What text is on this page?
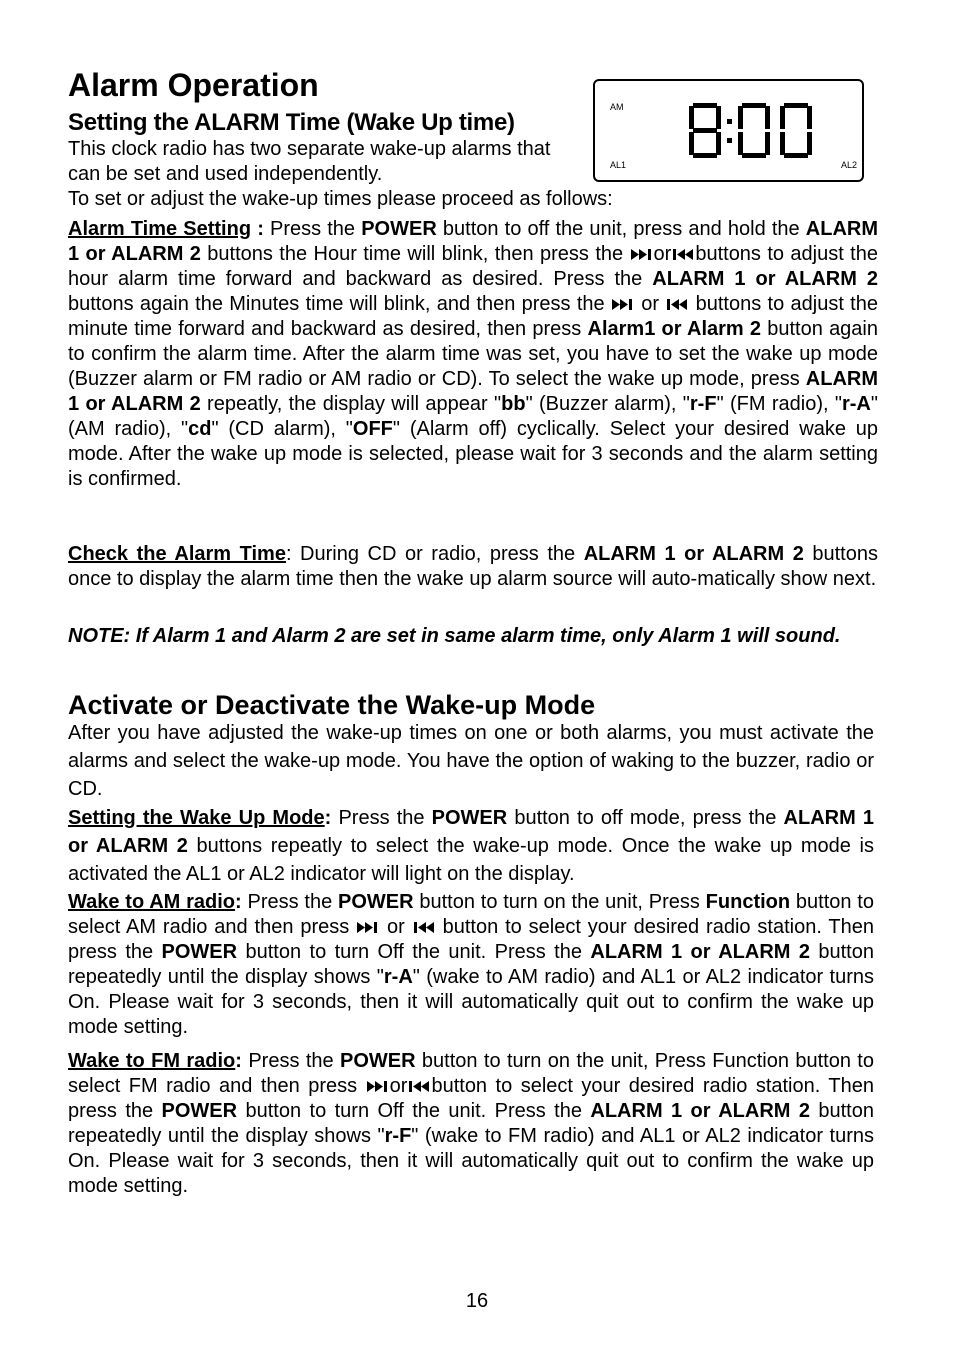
Alarm Operation
Setting the ALARM Time (Wake Up time)

This clock radio has two separate wake-up alarms that can be set and used independently.

To set or adjust the wake-up times please proceed as follows:

AM
AL1	AL2

Alarm Time Setting : Press the POWER button to off the unit, press and hold the ALARM 1 or ALARM 2 buttons the Hour time will blink, then press the or buttons to adjust the hour alarm time forward and backward as desired. Press the ALARM 1 or ALARM 2 buttons again the Minutes time will blink, and then press the  or  buttons to adjust the minute time forward and backward as desired, then press Alarm1 or Alarm 2 button again to confirm the alarm time. After the alarm time was set, you have to set the wake up mode (Buzzer alarm or FM radio or AM radio or CD). To select the wake up mode, press ALARM 1 or ALARM 2 repeatly, the display will appear "bb" (Buzzer alarm), "r-F" (FM radio), "r-A" (AM radio), "cd" (CD alarm), "OFF" (Alarm off) cyclically. Select your desired wake up mode. After the wake up mode is selected, please wait for 3 seconds and the alarm setting is confirmed.

Check the Alarm Time: During CD or radio, press the ALARM 1 or ALARM 2 buttons once to display the alarm time then the wake up alarm source will auto-matically show next.

NOTE: If Alarm 1 and Alarm 2 are set in same alarm time, only Alarm 1 will sound.

Activate or Deactivate the Wake-up Mode

After you have adjusted the wake-up times on one or both alarms, you must activate the alarms and select the wake-up mode. You have the option of waking to the buzzer, radio or CD.

Setting the Wake Up Mode: Press the POWER button to off mode, press the ALARM 1 or ALARM 2 buttons repeatly to select the wake-up mode. Once the wake up mode is activated the AL1 or AL2 indicator will light on the display.

Wake to AM radio: Press the POWER button to turn on the unit, Press Function button to select AM radio and then press  or  button to select your desired radio station. Then press the POWER button to turn Off the unit. Press the ALARM 1 or ALARM 2 button repeatedly until the display shows "r-A" (wake to AM radio) and AL1 or AL2 indicator turns On. Please wait for 3 seconds, then it will automatically quit out to confirm the wake up mode setting.

Wake to FM radio: Press the POWER button to turn on the unit, Press Function button to select FM radio and then press or button to select your desired radio station. Then press the POWER button to turn Off the unit. Press the ALARM 1 or ALARM 2 button repeatedly until the display shows "r-F" (wake to FM radio) and AL1 or AL2 indicator turns On. Please wait for 3 seconds, then it will automatically quit out to confirm the wake up mode setting.

16
